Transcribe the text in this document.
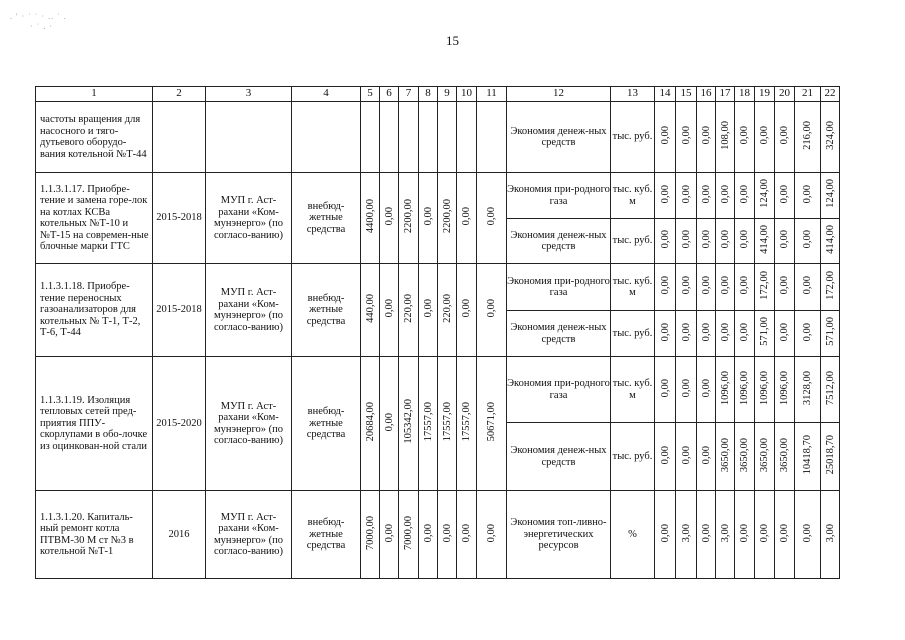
. ' · ˙ ˙ · .. ˙ .
· ˙ . ·
15
1	2	3	4	5	6	7	8	9	10	11	12	13	14	15	16	17	18	19	20	21	22
частоты вращения для насосного и тяго-дутьевого оборудо-вания котельной №Т-44											Экономия денеж-ных средств	тыс. руб.	0,00	0,00	0,00	108,00	0,00	0,00	0,00	216,00	324,00
1.1.3.1.17. Приобре-тение и замена горе-лок на котлах КСВа котельных №Т-10 и №Т-15 на современ-ные блочные марки ГТС	2015-2018	МУП г. Аст-рахани «Ком-мунэнерго» (по согласо-ванию)	внебюд-жетные средства	4400,00	0,00	2200,00	0,00	2200,00	0,00	0,00	Экономия при-родного газа	тыс. куб. м	0,00	0,00	0,00	0,00	0,00	124,00	0,00	0,00	124,00
											Экономия денеж-ных средств	тыс. руб.	0,00	0,00	0,00	0,00	0,00	414,00	0,00	0,00	414,00
1.1.3.1.18. Приобре-тение переносных газоанализаторов для котельных № Т-1, Т-2, Т-6, Т-44	2015-2018	МУП г. Аст-рахани «Ком-мунэнерго» (по согласо-ванию)	внебюд-жетные средства	440,00	0,00	220,00	0,00	220,00	0,00	0,00	Экономия при-родного газа	тыс. куб. м	0,00	0,00	0,00	0,00	0,00	172,00	0,00	0,00	172,00
											Экономия денеж-ных средств	тыс. руб.	0,00	0,00	0,00	0,00	0,00	571,00	0,00	0,00	571,00
1.1.3.1.19. Изоляция тепловых сетей пред-приятия ППУ-скорлупами в обо-лочке из оцинкован-ной стали	2015-2020	МУП г. Аст-рахани «Ком-мунэнерго» (по согласо-ванию)	внебюд-жетные средства	20684,00	0,00	105342,00	17557,00	17557,00	17557,00	50671,00	Экономия при-родного газа	тыс. куб. м	0,00	0,00	0,00	1096,00	1096,00	1096,00	1096,00	3128,00	7512,00
											Экономия денеж-ных средств	тыс. руб.	0,00	0,00	0,00	3650,00	3650,00	3650,00	3650,00	10418,70	25018,70
1.1.3.1.20. Капиталь-ный ремонт котла ПТВМ-30 М ст №3 в котельной №Т-1	2016	МУП г. Аст-рахани «Ком-мунэнерго» (по согласо-ванию)	внебюд-жетные средства	7000,00	0,00	7000,00	0,00	0,00	0,00	0,00	Экономия топ-ливно-энергетических ресурсов	%	0,00	3,00	0,00	3,00	0,00	0,00	0,00	0,00	3,00
